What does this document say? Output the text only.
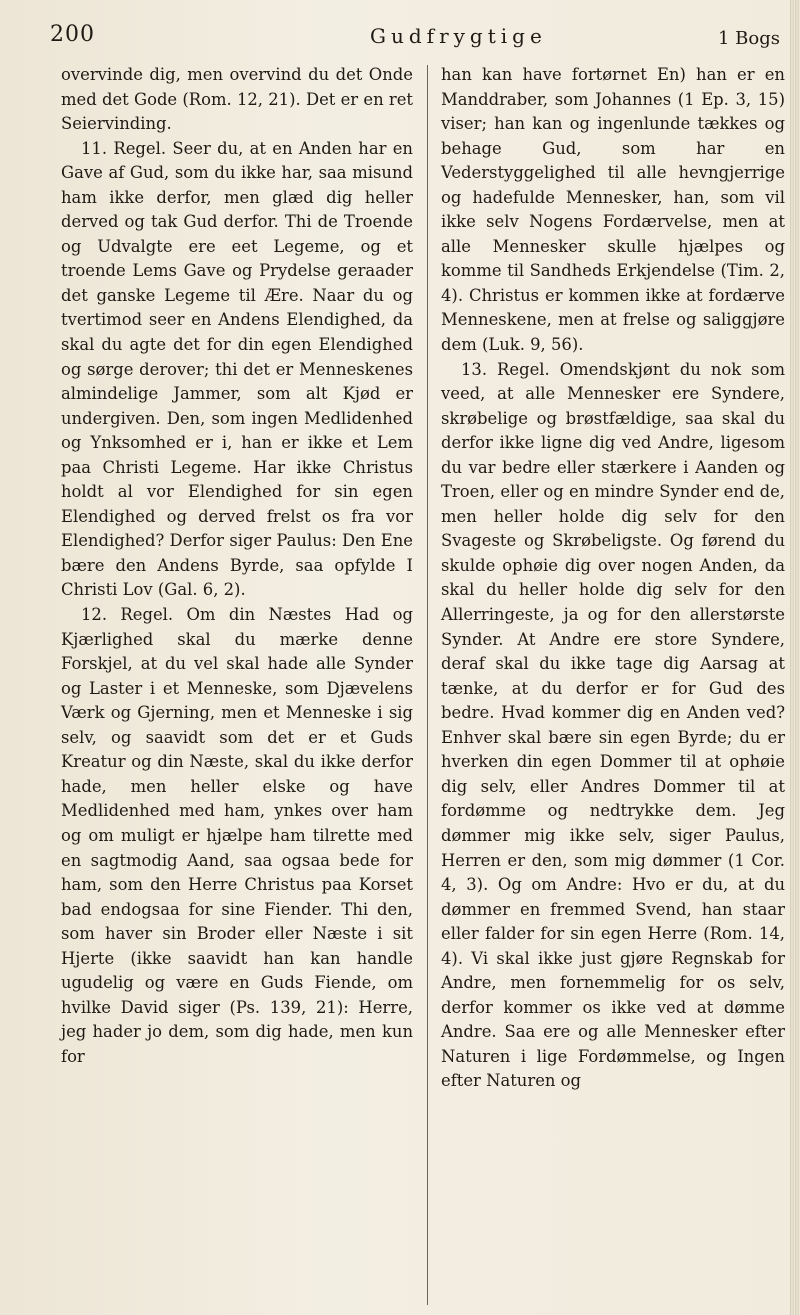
200	Gudfrygtige	1 Bogs

overvinde dig, men overvind du det Onde med det Gode (Rom. 12, 21). Det er en ret Seiervinding.

11. Regel. Seer du, at en Anden har en Gave af Gud, som du ikke har, saa misund ham ikke derfor, men glæd dig heller derved og tak Gud derfor. Thi de Troende og Udvalgte ere eet Legeme, og et troende Lems Gave og Prydelse geraader det ganske Legeme til Ære. Naar du og tvertimod seer en Andens Elendighed, da skal du agte det for din egen Elendighed og sørge derover; thi det er Menneskenes almindelige Jammer, som alt Kjød er undergiven. Den, som ingen Medlidenhed og Ynksomhed er i, han er ikke et Lem paa Christi Legeme. Har ikke Christus holdt al vor Elendighed for sin egen Elendighed og derved frelst os fra vor Elendighed? Derfor siger Paulus: Den Ene bære den Andens Byrde, saa opfylde I Christi Lov (Gal. 6, 2).

12. Regel. Om din Næstes Had og Kjærlighed skal du mærke denne Forskjel, at du vel skal hade alle Synder og Laster i et Menneske, som Djævelens Værk og Gjerning, men et Menneske i sig selv, og saavidt som det er et Guds Kreatur og din Næste, skal du ikke derfor hade, men heller elske og have Medlidenhed med ham, ynkes over ham og om muligt er hjælpe ham tilrette med en sagtmodig Aand, saa ogsaa bede for ham, som den Herre Christus paa Korset bad endogsaa for sine Fiender. Thi den, som haver sin Broder eller Næste i sit Hjerte (ikke saavidt han kan handle ugudelig og være en Guds Fiende, om hvilke David siger (Ps. 139, 21): Herre, jeg hader jo dem, som dig hade, men kun for

han kan have fortørnet En) han er en Manddraber, som Johannes (1 Ep. 3, 15) viser; han kan og ingenlunde tækkes og behage Gud, som har en Vederstyggelighed til alle hevngjerrige og hadefulde Mennesker, han, som vil ikke selv Nogens Fordærvelse, men at alle Mennesker skulle hjælpes og komme til Sandheds Erkjendelse (Tim. 2, 4). Christus er kommen ikke at fordærve Menneskene, men at frelse og saliggjøre dem (Luk. 9, 56).

13. Regel. Omendskjønt du nok som veed, at alle Mennesker ere Syndere, skrøbelige og brøstfældige, saa skal du derfor ikke ligne dig ved Andre, ligesom du var bedre eller stærkere i Aanden og Troen, eller og en mindre Synder end de, men heller holde dig selv for den Svageste og Skrøbeligste. Og førend du skulde ophøie dig over nogen Anden, da skal du heller holde dig selv for den Allerringeste, ja og for den allerstørste Synder. At Andre ere store Syndere, deraf skal du ikke tage dig Aarsag at tænke, at du derfor er for Gud des bedre. Hvad kommer dig en Anden ved? Enhver skal bære sin egen Byrde; du er hverken din egen Dommer til at ophøie dig selv, eller Andres Dommer til at fordømme og nedtrykke dem. Jeg dømmer mig ikke selv, siger Paulus, Herren er den, som mig dømmer (1 Cor. 4, 3). Og om Andre: Hvo er du, at du dømmer en fremmed Svend, han staar eller falder for sin egen Herre (Rom. 14, 4). Vi skal ikke just gjøre Regnskab for Andre, men fornemmelig for os selv, derfor kommer os ikke ved at dømme Andre. Saa ere og alle Mennesker efter Naturen i lige Fordømmelse, og Ingen efter Naturen og
